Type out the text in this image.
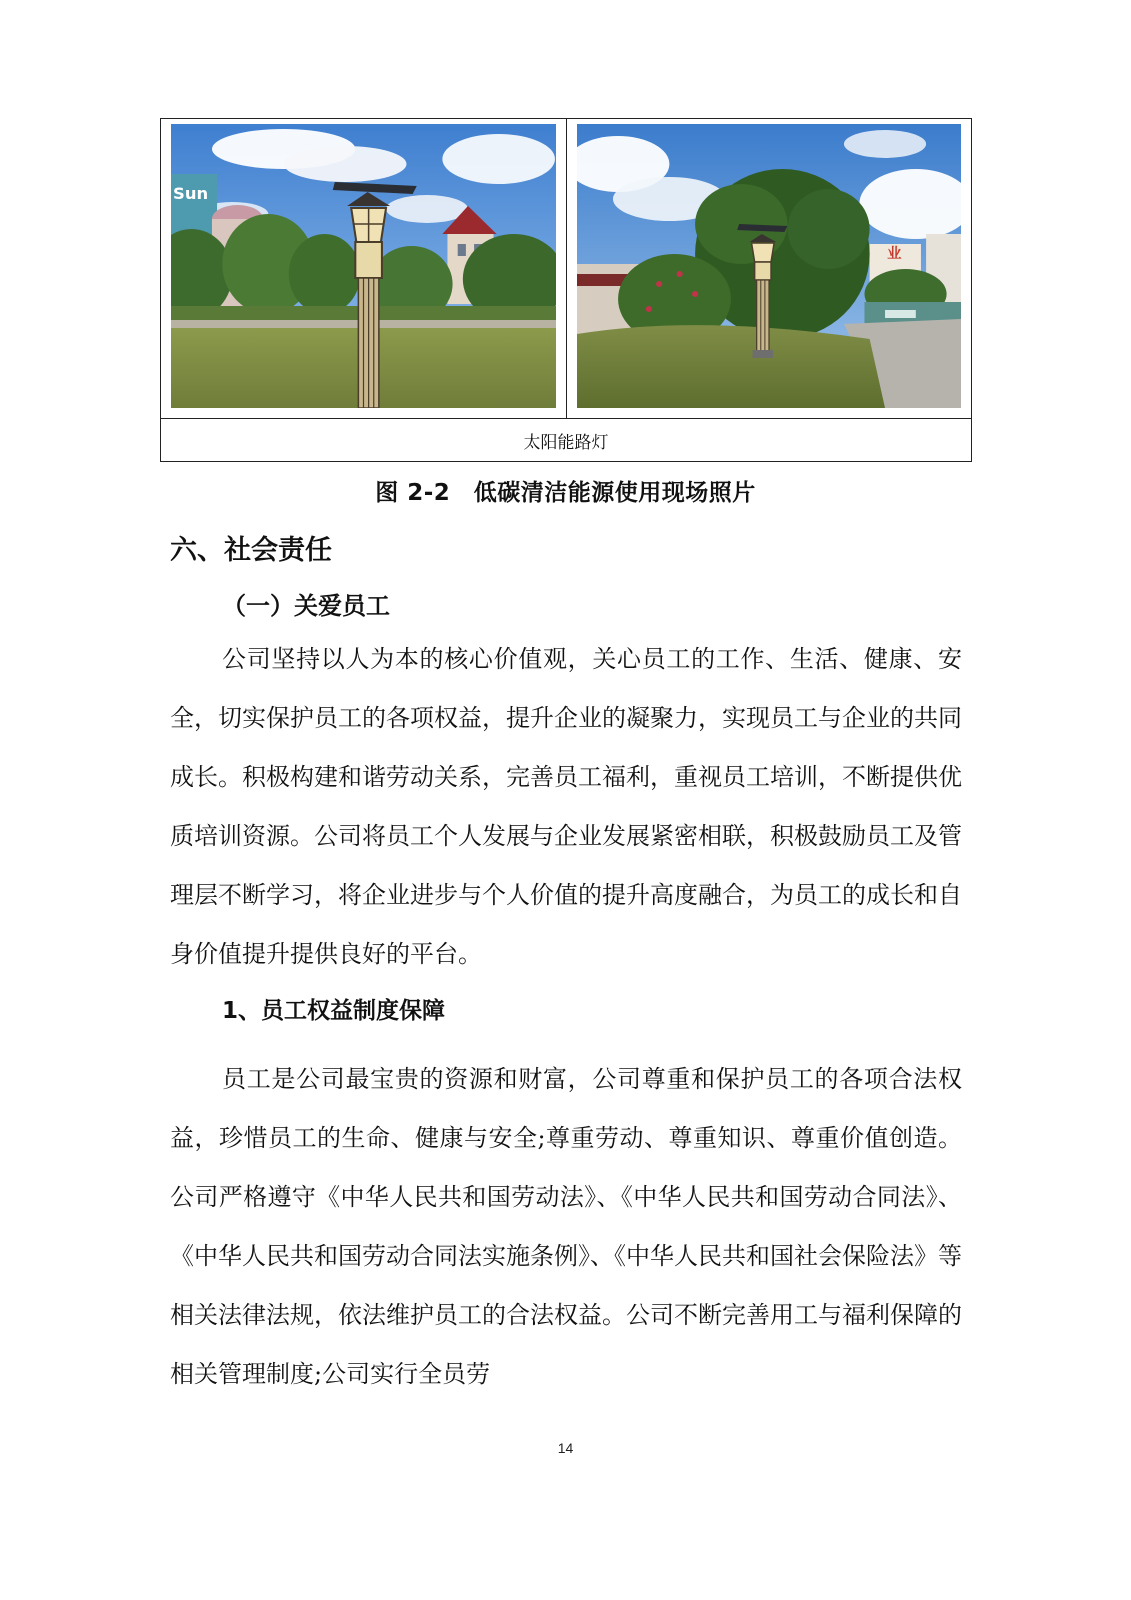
Sun
业
太阳能路灯
图 2-2　低碳清洁能源使用现场照片
六、社会责任
（一）关爱员工

公司坚持以人为本的核心价值观，关心员工的工作、生活、健康、安全，切实保护员工的各项权益，提升企业的凝聚力，实现员工与企业的共同成长。积极构建和谐劳动关系，完善员工福利，重视员工培训，不断提供优质培训资源。公司将员工个人发展与企业发展紧密相联，积极鼓励员工及管理层不断学习，将企业进步与个人价值的提升高度融合，为员工的成长和自身价值提升提供良好的平台。

1、员工权益制度保障

员工是公司最宝贵的资源和财富，公司尊重和保护员工的各项合法权益，珍惜员工的生命、健康与安全;尊重劳动、尊重知识、尊重价值创造。公司严格遵守《中华人民共和国劳动法》、《中华人民共和国劳动合同法》、《中华人民共和国劳动合同法实施条例》、《中华人民共和国社会保险法》等相关法律法规，依法维护员工的合法权益。公司不断完善用工与福利保障的相关管理制度;公司实行全员劳

14
